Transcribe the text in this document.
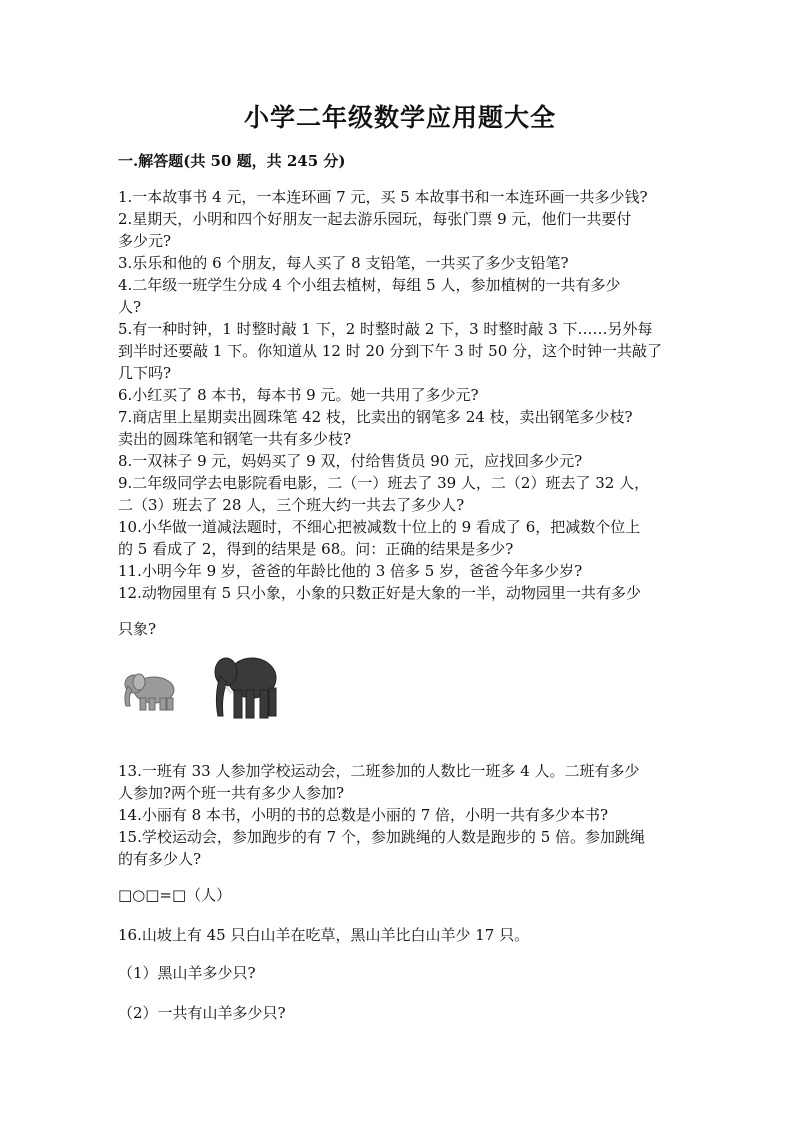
小学二年级数学应用题大全
一.解答题(共 50 题，共 245 分)
1.一本故事书 4 元，一本连环画 7 元，买 5 本故事书和一本连环画一共多少钱?
2.星期天，小明和四个好朋友一起去游乐园玩，每张门票 9 元，他们一共要付
多少元?
3.乐乐和他的 6 个朋友，每人买了 8 支铅笔，一共买了多少支铅笔?
4.二年级一班学生分成 4 个小组去植树，每组 5 人，参加植树的一共有多少
人?
5.有一种时钟，1 时整时敲 1 下，2 时整时敲 2 下，3 时整时敲 3 下……另外每
到半时还要敲 1 下。你知道从 12 时 20 分到下午 3 时 50 分，这个时钟一共敲了
几下吗?
6.小红买了 8 本书，每本书 9 元。她一共用了多少元?
7.商店里上星期卖出圆珠笔 42 枝，比卖出的钢笔多 24 枝，卖出钢笔多少枝?
卖出的圆珠笔和钢笔一共有多少枝?
8.一双袜子 9 元，妈妈买了 9 双，付给售货员 90 元，应找回多少元?
9.二年级同学去电影院看电影，二（一）班去了 39 人，二（2）班去了 32 人，
二（3）班去了 28 人，三个班大约一共去了多少人?
10.小华做一道减法题时，不细心把被减数十位上的 9 看成了 6，把减数个位上
的 5 看成了 2，得到的结果是 68。问：正确的结果是多少?
11.小明今年 9 岁，爸爸的年龄比他的 3 倍多 5 岁，爸爸今年多少岁?
12.动物园里有 5 只小象，小象的只数正好是大象的一半，动物园里一共有多少
只象?
13.一班有 33 人参加学校运动会，二班参加的人数比一班多 4 人。二班有多少
人参加?两个班一共有多少人参加?
14.小丽有 8 本书，小明的书的总数是小丽的 7 倍，小明一共有多少本书?
15.学校运动会，参加跑步的有 7 个，参加跳绳的人数是跑步的 5 倍。参加跳绳
的有多少人?
□○□=□（人）
16.山坡上有 45 只白山羊在吃草，黑山羊比白山羊少 17 只。
（1）黑山羊多少只?
（2）一共有山羊多少只?
